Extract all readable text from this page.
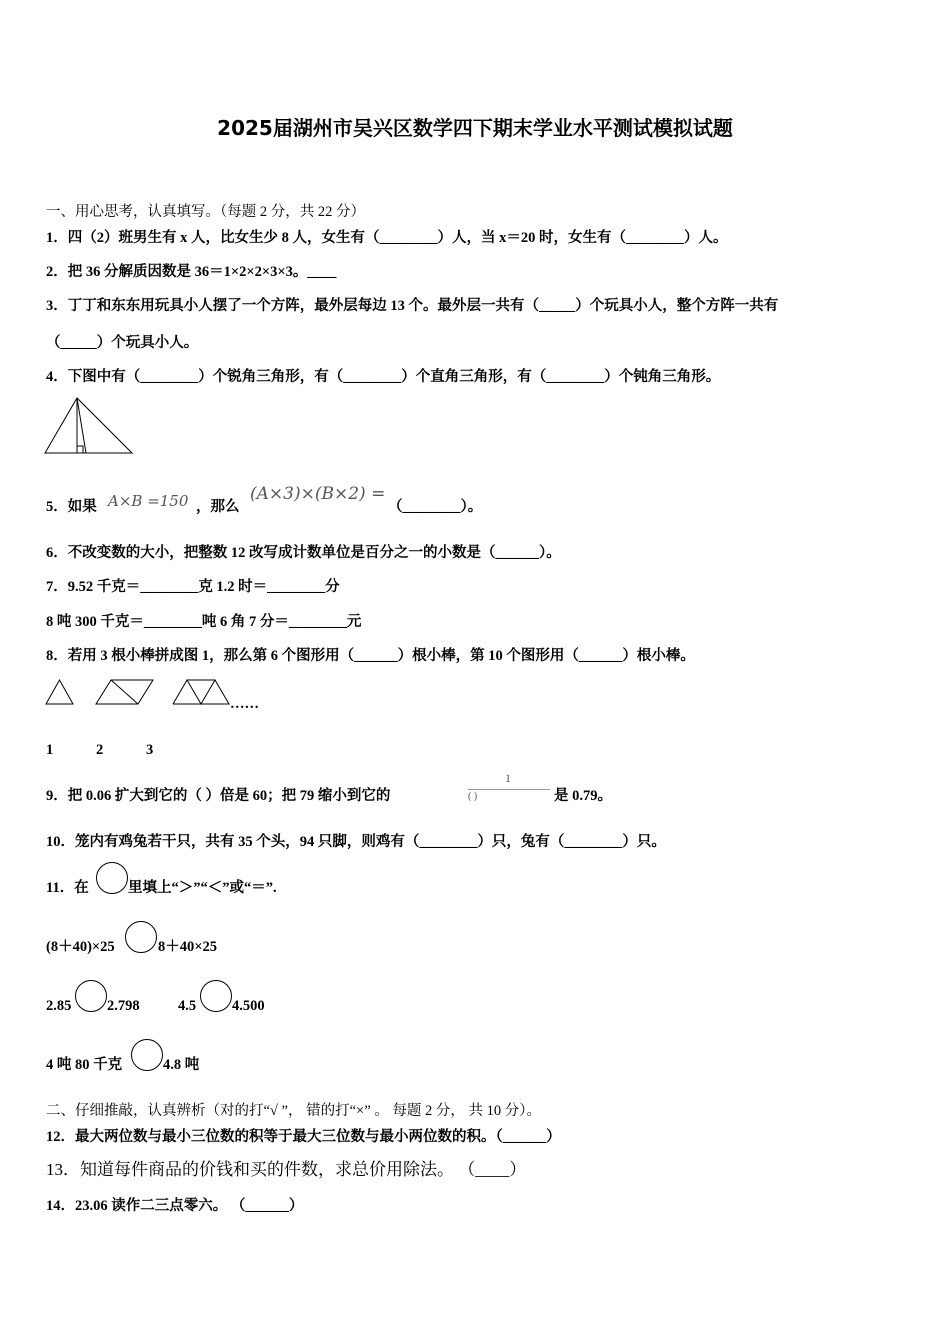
2025届湖州市吴兴区数学四下期末学业水平测试模拟试题
一、用心思考，认真填写。（每题 2 分，共 22 分）
1．四（2）班男生有 x 人，比女生少 8 人，女生有（________）人，当 x＝20 时，女生有（________）人。
2．把 36 分解质因数是 36＝1×2×2×3×3。____
3．丁丁和东东用玩具小人摆了一个方阵，最外层每边 13 个。最外层一共有（_____）个玩具小人，整个方阵一共有
（_____）个玩具小人。
4．下图中有（________）个锐角三角形，有（________）个直角三角形，有（________）个钝角三角形。
5．如果 A×B =150 ，那么
(A×3)×(B×2) =
（________）。
6．不改变数的大小，把整数 12 改写成计数单位是百分之一的小数是（______）。
7．9.52 千克＝________克 1.2 时＝________分
8 吨 300 千克＝________吨 6 角 7 分＝________元
8．若用 3 根小棒拼成图 1，那么第 6 个图形用（______）根小棒，第 10 个图形用（______）根小棒。
……
1	2	3
9．把 0.06 扩大到它的（ ）倍是 60；把 79 缩小到它的
1
( )	是 0.79。
10．笼内有鸡兔若干只，共有 35 个头，94 只脚，则鸡有（________）只，兔有（________）只。
11．在	里填上“＞”“＜”或“＝”.
(8＋40)×25	8＋40×25
2.85 2.798	4.5 4.500
4 吨 80 千克	4.8 吨
二、仔细推敲，认真辨析（对的打“√ ”， 错的打“×” 。 每题 2 分， 共 10 分）。
12．最大两位数与最小三位数的积等于最大三位数与最小两位数的积。（______）
13．知道每件商品的价钱和买的件数，求总价用除法。 （____）
14．23.06 读作二三点零六。 （______）
